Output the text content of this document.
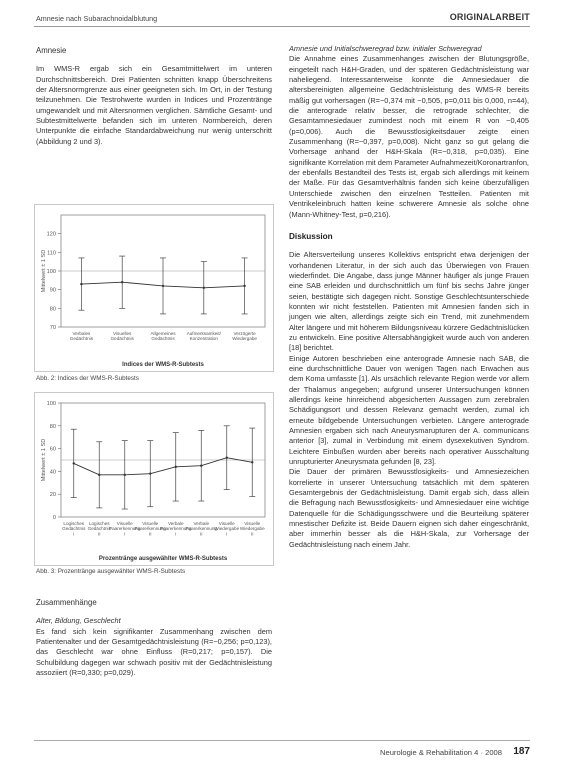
Amnesie nach Subarachnoidalblutung	ORIGINALARBEIT

Amnesie

Im WMS-R ergab sich ein Gesamtmittelwert im unteren Durchschnittsbereich. Drei Patienten schnitten knapp Überschreitens der Altersnormgrenze aus einer geeigneten sich. Im Ort, in der Testung teilzunehmen. Die Testrohwerte wurden in Indices und Prozentränge umgewandelt und mit Altersnormen verglichen. Sämtliche Gesamt- und Subtestmittelwerte befanden sich im unteren Normbereich, deren Unterpunkte die einfache Standardabweichung nur wenig unterschritt (Abbildung 2 und 3).

70
80
90
100
110
120
Mittelwert ± 1 SD
Verbales Gedächtnis
Visuelles Gedächtnis
Allgemeines Gedächtnis
Aufmerksamkeit/ Konzentration
Verzögerte Wiedergabe
Indices der WMS-R-Subtests
Abb. 2: Indices der WMS-R-Subtests
0
20
40
60
80
100
Mittelwert ± 1 SD
Logisches Gedächtnis I
Logisches Gedächtnis II
Visuelle Paarerkennung I
Visuelle Paarerkennung II
Verbale Paarerkennung I
Verbale Paarerkennung II
Visuelle Wiedergabe I
Visuelle Wiedergabe II
Prozentränge ausgewählter WMS-R-Subtests
Abb. 3: Prozentränge ausgewählter WMS-R-Subtests

Zusammenhänge

Alter, Bildung, Geschlecht

Es fand sich kein signifikanter Zusammenhang zwischen dem Patientenalter und der Gesamtgedächtnisleistung (R=−0,256; p=0,123), das Geschlecht war ohne Einfluss (R=0,217; p=0,157). Die Schulbildung dagegen war schwach positiv mit der Gedächtnisleistung assoziiert (R=0,330; p=0,029).

Amnesie und Initialschweregrad bzw. initialer Schweregrad

Die Annahme eines Zusammenhanges zwischen der Blutungsgröße, eingeteilt nach H&H-Graden, und der späteren Gedächtnisleistung war naheliegend. Interessanterweise konnte die Amnesiedauer die altersbereinigten allgemeine Gedächtnisleistung des WMS-R bereits mäßig gut vorhersagen (R=−0,374 mit −0,505, p=0,011 bis 0,000, n=44), die anterograde relativ besser, die retrograde schlechter, die Gesamtamnesiedauer zumindest noch mit einem R von −0,405 (p=0,006). Auch die Bewusstlosigkeitsdauer zeigte einen Zusammenhang (R=−0,397, p=0,008). Nicht ganz so gut gelang die Vorhersage anhand der H&H-Skala (R=−0,318, p=0,035). Eine signifikante Korrelation mit dem Parameter Aufnahmezeit/Koronartranfon, der ebenfalls Bestandteil des Tests ist, ergab sich allerdings mit keinem der Maße. Für das Gesamtverhältnis fanden sich keine überzufälligen Unterschiede zwischen den einzelnen Testteilen. Patienten mit Ventrikeleinbruch hatten keine schwerere Amnesie als solche ohne (Mann-Whitney-Test, p=0,216).

Diskussion

Die Altersverteilung unseres Kollektivs entspricht etwa derjenigen der vorhandenen Literatur, in der sich auch das Überwiegen von Frauen wiederfindet. Die Angabe, dass junge Männer häufiger als junge Frauen eine SAB erleiden und durchschnittlich um fünf bis sechs Jahre jünger seien, bestätigte sich dagegen nicht. Sonstige Geschlechtsunterschiede konnten wir nicht feststellen. Patienten mit Amnesien fanden sich in jungen wie alten, allerdings zeigte sich ein Trend, mit zunehmendem Alter längere und mit höherem Bildungsniveau kürzere Gedächtnislücken zu entwickeln. Eine positive Altersabhängigkeit wurde auch von anderen [18] berichtet.

Einige Autoren beschrieben eine anterograde Amnesie nach SAB, die eine durchschnittliche Dauer von wenigen Tagen nach Erwachen aus dem Koma umfasste [1]. Als ursächlich relevante Region werde vor allem der Thalamus angegeben; aufgrund unserer Untersuchungen können allerdings keine hinreichend abgesicherten Aussagen zum zerebralen Schädigungsort und dessen Relevanz gemacht werden, zumal ich erneute bildgebende Untersuchungen verbieten. Längere anterograde Amnesien ergaben sich nach Aneurysmarupturen der A. communicans anterior [3], zumal in Verbindung mit einem dysexekutiven Syndrom. Leichtere Einbußen wurden aber bereits nach operativer Ausschaltung unrupturierter Aneurysmata gefunden [8, 23].

Die Dauer der primären Bewusstlosigkeits- und Amnesiezeichen korrelierte in unserer Untersuchung tatsächlich mit dem späteren Gesamtergebnis der Gedächtnisleistung. Damit ergab sich, dass allein die Befragung nach Bewusstlosigkeits- und Amnesiedauer eine wichtige Datenquelle für die Schädigungsschwere und die Beurteilung späterer mnestischer Defizite ist. Beide Dauern eignen sich daher eingeschränkt, aber immerhin besser als die H&H-Skala, zur Vorhersage der Gedächtnisleistung nach einem Jahr.

Neurologie & Rehabilitation 4 · 2008 187
